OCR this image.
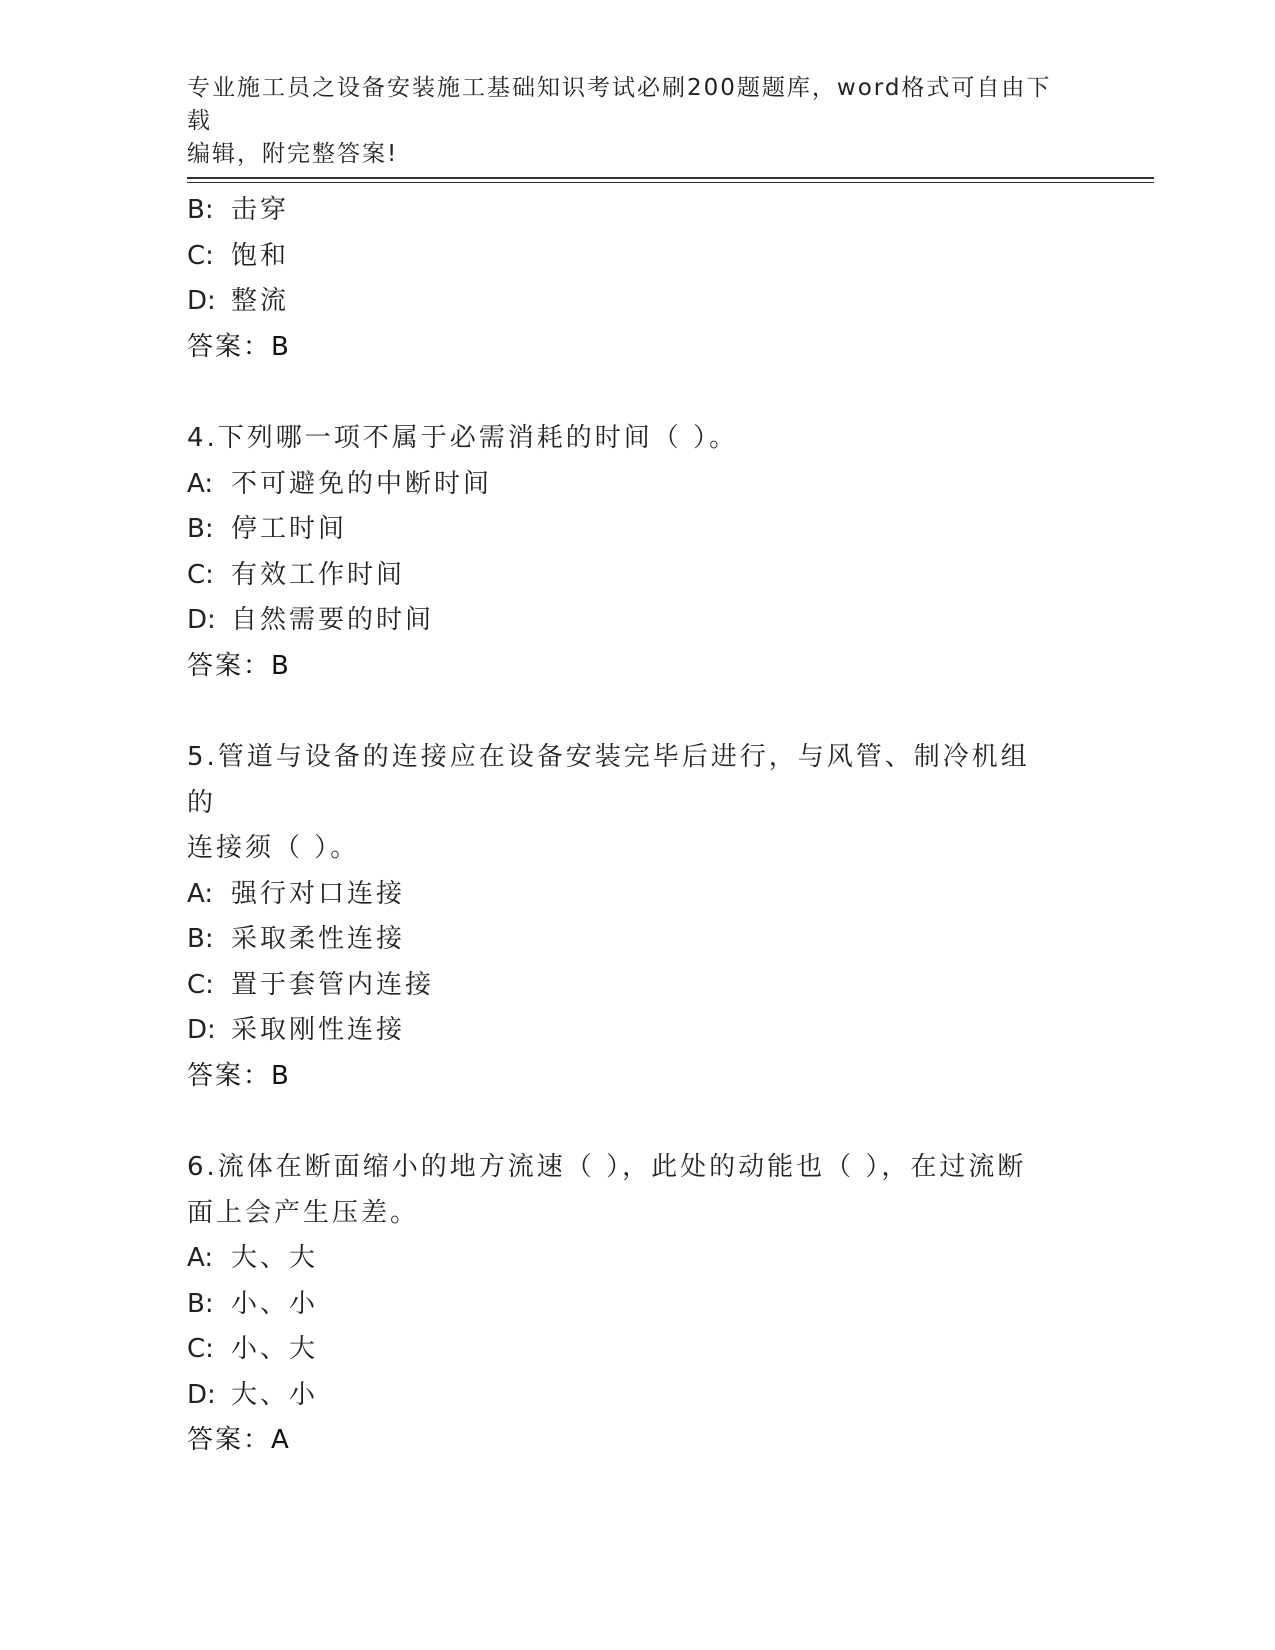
专业施工员之设备安装施工基础知识考试必刷200题题库，word格式可自由下载
编辑，附完整答案!
B: 击穿
C: 饱和
D: 整流
答案：B
4.下列哪一项不属于必需消耗的时间（ ）。
A: 不可避免的中断时间
B: 停工时间
C: 有效工作时间
D: 自然需要的时间
答案：B
5.管道与设备的连接应在设备安装完毕后进行，与风管、制冷机组的
连接须（ ）。
A: 强行对口连接
B: 采取柔性连接
C: 置于套管内连接
D: 采取刚性连接
答案：B
6.流体在断面缩小的地方流速（ ），此处的动能也（ ），在过流断
面上会产生压差。
A: 大、大
B: 小、小
C: 小、大
D: 大、小
答案：A
